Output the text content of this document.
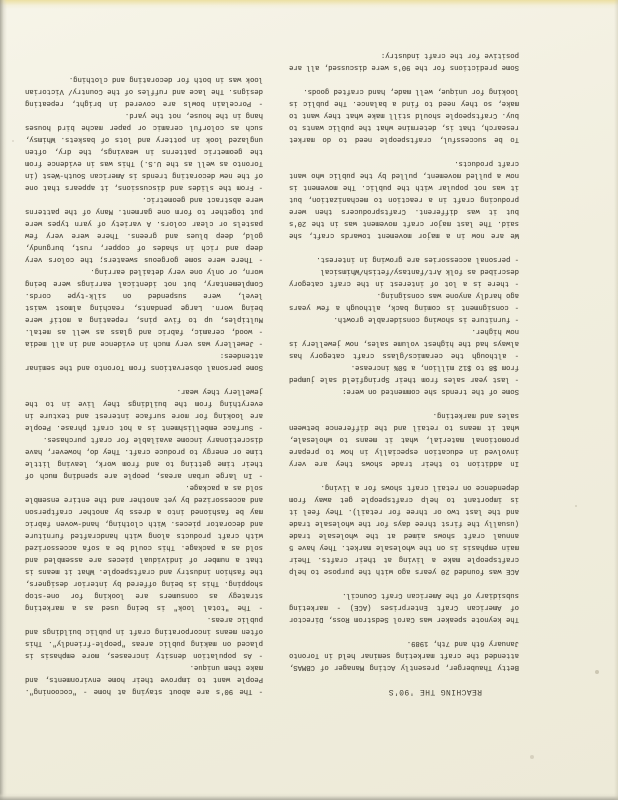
REACHING THE '90'S

Betty Thauberger, presently Acting Manager of CBMAS, attended the craft marketing seminar held in Toronto January 6th and 7th, 1989.

The keynote speaker was Carol Sedstrom Ross, Director of American Craft Enterprises (ACE) - marketing subsidiary of the American Craft Council.

ACE was founded 20 years ago with the purpose to help craftspeople make a living at their crafts. Their main emphasis is on the wholesale market. They have 5 annual craft shows aimed at the wholesale trade (usually the first three days for the wholesale trade and the last two or three for retail). They feel it is important to help craftspeople get away from dependence on retail craft shows for a living.

In addition to their trade shows they are very involved in education especially in how to prepare promotional material, what it means to wholesale, what it means to retail and the difference between sales and marketing.

Some of the trends she commented on were:

- last year sales from their Springfield sale jumped from $8 to $12 million, a 50% increase.

- although the ceramics/glass craft category has always had the highest volume sales, now jewellery is now higher.

- furniture is showing considerable growth.

- consignment is coming back, although a few years ago hardly anyone was consigning.

- there is a lot of interest in the craft category described as folk Art/fantasy/fetish/Whimsical

- personal accessories are growing in interest.

We are now in a major movement towards craft, she said. The last major craft movement was in the 20's but it was different. Craftsproducers then were producing craft in a reaction to mechanization, but it was not popular with the public. The movement is now a pulled movement, pulled by the public who want craft products.

To be successful, craftspeople need to do market research, that is, determine what the public wants to buy. Craftspeople should still make what they want to make, so they need to find a balance. The public is looking for unique, well made, hand crafted goods.

Some predictions for the 90's were discussed, all are positive for the craft industry:

- The 90's are about staying at home - "cocooning". People want to improve their home environments, and make them unique.

- As population density increases, more emphasis is placed on making public areas "people-friendly". This often means incorporating craft in public buildings and public areas.

- The "total look" is being used as a marketing strategy as consumers are looking for one-stop shopping. This is being offered by interior designers, the fashion industry and craftspeople. What it means is that a number of individual pieces are assembled and sold as a package. This could be a sofa accessorized with craft products along with handcrafted furniture and decorator pieces. With clothing, hand-woven fabric may be fashioned into a dress by another craftperson and accessorized by yet another and the entire ensemble sold as a package.

- In large urban areas, people are spending much of their time getting to and from work, leaving little time or energy to produce craft. They do, however, have discretionary income available for craft purchases.

- Surface embellishment is a hot craft phrase. People are looking for more surface interest and texture in everything from the buildings they live in to the jewellery they wear.

Some personal observations from Toronto and the seminar attendees:

- Jewellery was very much in evidence and in all media - wood, ceramic, fabric and glass as well as metal. Multiples, up to five pins, repeating a motif were being worn. Large pendants, reaching almost waist level, were suspended on silk-type cords. Complementary, but not identical earrings were being worn, or only one very detailed earring.

- There were some gorgeous sweaters; the colors very deep and rich in shades of copper, rust, burgundy, gold, deep blues and greens. There were very few pastels or clear colors. A variety of yarn types were put together to form one garment. Many of the patterns were abstract and geometric.

- From the slides and discussions, it appears that one of the new decorating trends is American South-West (in Toronto as well as the U.S.) This was in evidence from the geometric patterns in weavings, the dry, often unglazed look in pottery and lots of baskets. Whimsy, such as colorful ceramic or paper mache bird houses hang in the house, not the yard.

- Porcelain bowls are covered in bright, repeating designs. The lace and ruffles of the Country/ Victorian look was in both for decorating and clothing.
